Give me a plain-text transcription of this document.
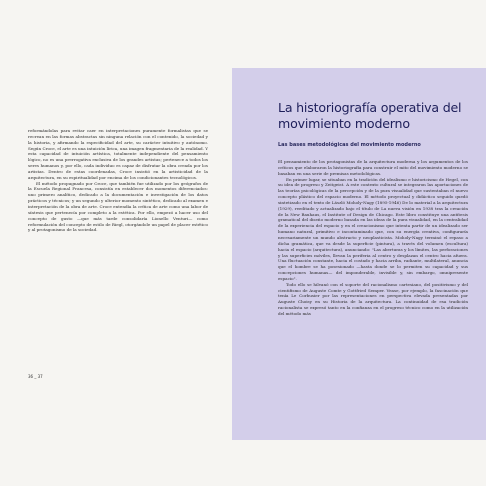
reformándolas para evitar caer en interpretaciones puramente formalistas que se recrean en las formas abstractas sin ninguna relación con el contenido, la sociedad y la historia, y afirmando la especificidad del arte, su carácter intuitivo y autónomo. Según Croce, el arte es una intuición lírica, una imagen fragmentaria de la realidad. Y esta capacidad de intuición artística, totalmente independiente del pensamiento lógico, no es una prerrogativa exclusiva de los grandes artistas; pertenece a todos los seres humanos y, por ello, cada individuo es capaz de disfrutar la obra creada por los artistas. Dentro de estas coordenadas, Croce insistió en la artisticidad de la arquitectura, en su espiritualidad por encima de los condicionantes tecnológicos.

El método propugnado por Croce, que también fue utilizado por los geógrafos de la Escuela Regional Francesa, consistía en establecer dos momentos diferenciados: uno primero analítico, dedicado a la documentación e investigación de los datos prácticos y técnicos; y un segundo y ulterior momento sintético, dedicado al examen e interpretación de la obra de arte. Croce entendía la crítica de arte como una labor de síntesis que pertenecía por completo a la estética. Por ello, empezó a hacer uso del concepto de gusto —que más tarde consolidaría Lionello Venturi— como reformulación del concepto de estilo de Riegl, otorgándole un papel de placer estético y al protagonismo de la sociedad.

36 _ 37
La historiografía operativa del movimiento moderno
Las bases metodológicas del movimiento moderno

El pensamiento de los protagonistas de la arquitectura moderna y los argumentos de los críticos que elaboraron la historiografía para construir el mito del movimiento moderno se basaban en una serie de premisas metodológicas.

En primer lugar, se situaban en la tradición del idealismo e historicismo de Hegel, con su idea de progreso y Zeitgeist. A este contexto cultural se integraron las aportaciones de las teorías psicológicas de la percepción y de la pura visualidad que sustentaban el nuevo concepto plástico del espacio moderno. El método proyectual y didáctico seguido quedó sintetizado en el texto de László Moholy-Nagy (1895-1946) De lo material a la arquitectura (1929), reeditado y actualizado bajo el título de La nueva visión en 1938 tras la creación de la New Bauhaus, el Institute of Design de Chicago. Este libro constituye una antítesis gramatical del diseño moderno basada en las ideas de la pura visualidad, en la centralidad de la experiencia del espacio y en el creacionismo que intenta partir de un idealizado ser humano natural, primitivo e incontaminado que, con su energía creativa, configuraría necesariamente un mundo abstracto y neoplasticista. Moholy-Nagy terminó el repaso a dicha gramática, que va desde la superficie (pintura), a través del volumen (escultura) hacia el espacio (arquitectura), anunciando: "Las aberturas y los límites, las perforaciones y las superficies móviles, llevan la periferia al centro y desplazan el centro hacia afuera. Una fluctuación constante, hacia el costado y hacia arriba, radiante, multilateral, anuncia que el hombre se ha posesionado —hasta donde se lo permiten su capacidad y sus concepciones humanas— del imponderable, invisible y, sin embargo, omnipresente espacio".

Todo ello se hilvanó con el soporte del racionalismo cartesiano, del positivismo y del cientifismo de Auguste Comte y Gottfried Semper. Vease, por ejemplo, la fascinación que tenía Le Corbusier por las representaciones en perspectiva elevada presentadas por Auguste Choisy en su Historia de la arquitectura. La continuidad de esa tradición racionalista se expresó tanto en la confianza en el progreso técnico como en la utilización del método más
